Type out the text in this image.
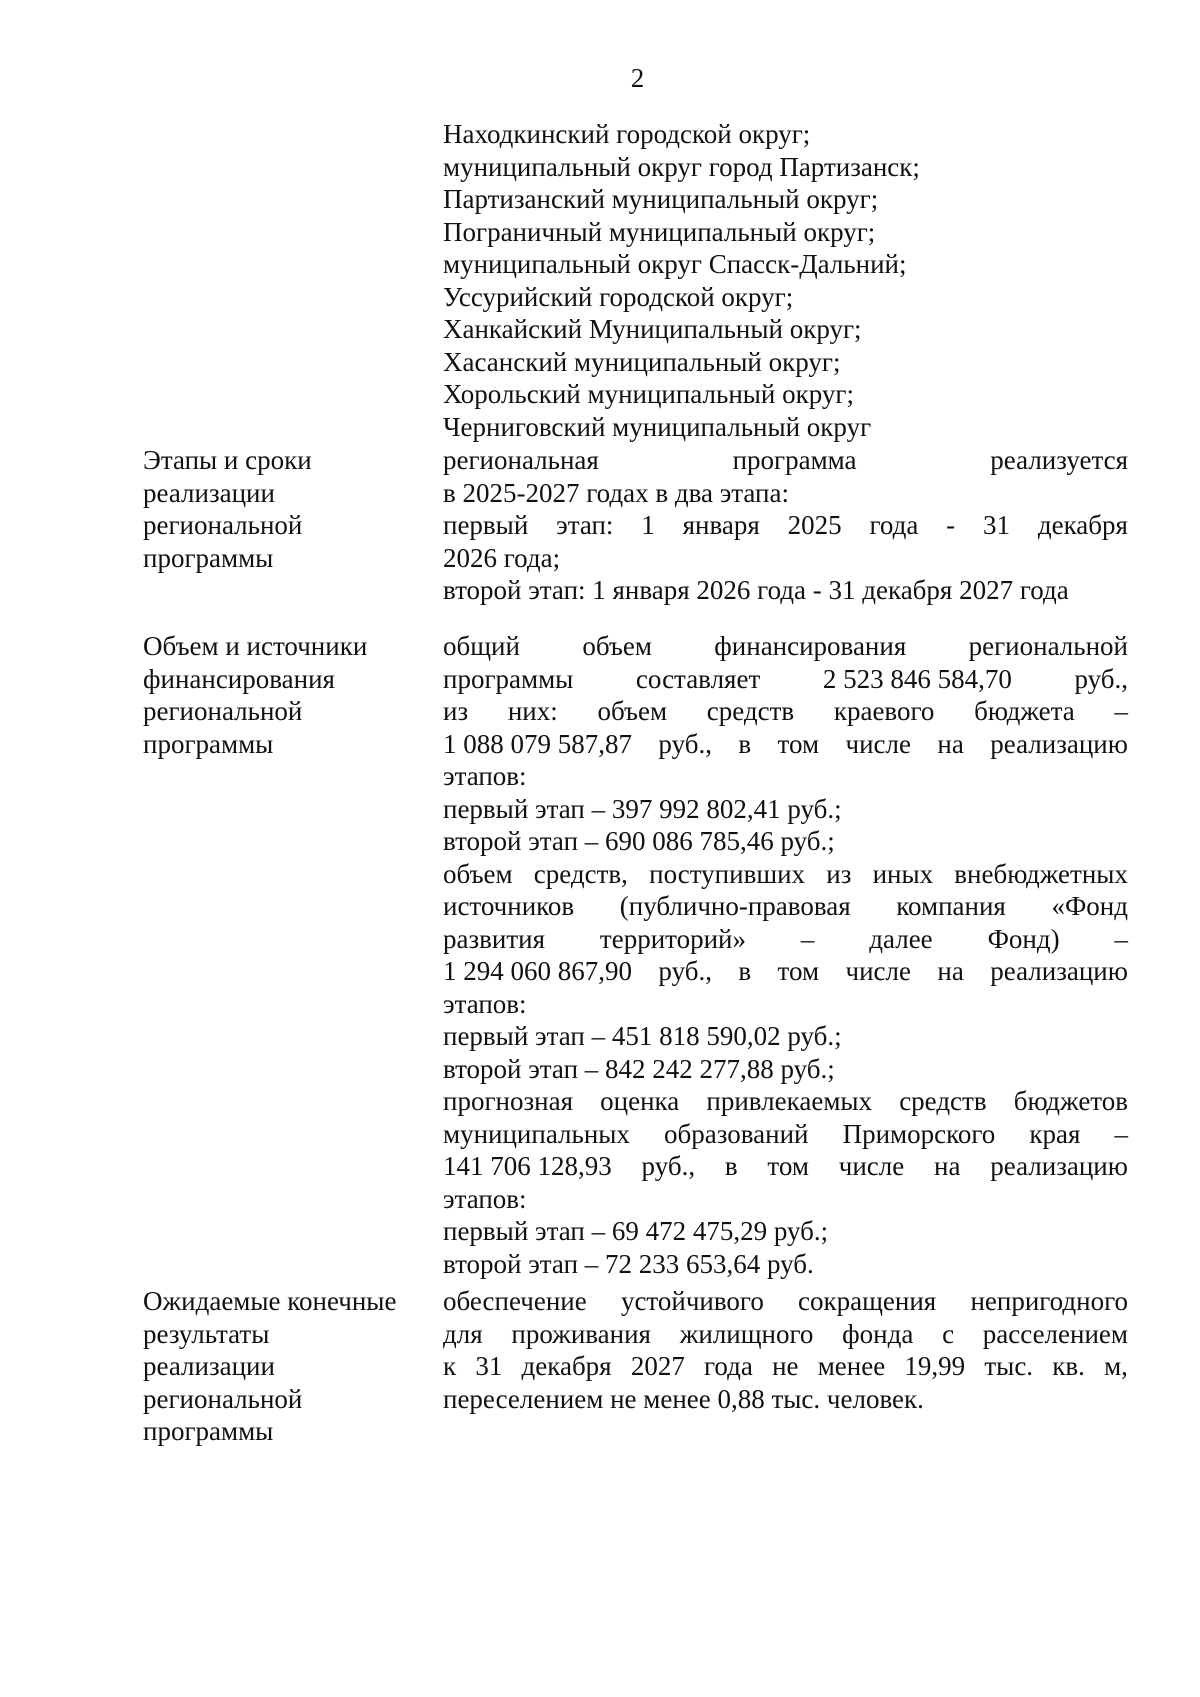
2
Находкинский городской округ;
муниципальный округ город Партизанск;
Партизанский муниципальный округ;
Пограничный муниципальный округ;
муниципальный округ Спасск-Дальний;
Уссурийский городской округ;
Ханкайский Муниципальный округ;
Хасанский муниципальный округ;
Хорольский муниципальный округ;
Черниговский муниципальный округ
Этапы и сроки
реализации
региональной
программы
региональная	программа	реализуется
в 2025-2027 годах в два этапа:
первый этап: 1 января 2025 года - 31 декабря
2026 года;
второй этап: 1 января 2026 года - 31 декабря 2027 года
Объем и источники
финансирования
региональной
программы
общий объем финансирования региональной
программы составляет 2 523 846 584,70 руб.,
из них: объем средств краевого бюджета –
1 088 079 587,87 руб., в том числе на реализацию
этапов:
первый этап – 397 992 802,41 руб.;
второй этап – 690 086 785,46 руб.;
объем средств, поступивших из иных внебюджетных
источников (публично-правовая компания «Фонд
развития территорий» – далее Фонд) –
1 294 060 867,90 руб., в том числе на реализацию
этапов:
первый этап – 451 818 590,02 руб.;
второй этап – 842 242 277,88 руб.;
прогнозная оценка привлекаемых средств бюджетов
муниципальных образований Приморского края –
141 706 128,93 руб., в том числе на реализацию
этапов:
первый этап – 69 472 475,29 руб.;
второй этап – 72 233 653,64 руб.
Ожидаемые конечные
результаты
реализации
региональной
программы
обеспечение устойчивого сокращения непригодного
для проживания жилищного фонда с расселением
к 31 декабря 2027 года не менее 19,99 тыс. кв. м,
переселением не менее 0,88 тыс. человек.
